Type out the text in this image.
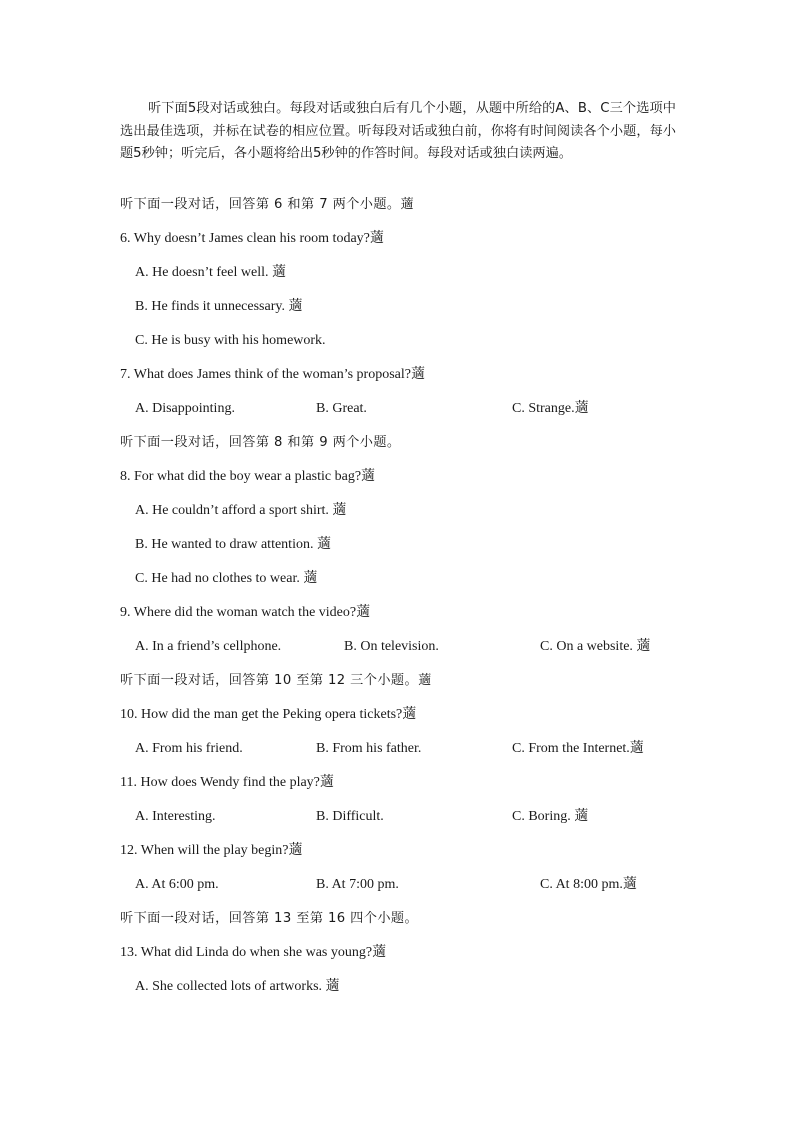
听下面5段对话或独白。每段对话或独白后有几个小题，从题中所给的A、B、C三个选项中选出最佳选项，并标在试卷的相应位置。听每段对话或独白前，你将有时间阅读各个小题，每小题5秒钟；听完后，各小题将给出5秒钟的作答时间。每段对话或独白读两遍。
听下面一段对话，回答第 6 和第 7 两个小题。藡
6. Why doesn’t James clean his room today?藡
A. He doesn’t feel well. 藡
B. He finds it unnecessary. 藡
C. He is busy with his homework.
7. What does James think of the woman’s proposal?藡
A. Disappointing.	B. Great.	C. Strange.藡
听下面一段对话，回答第 8 和第 9 两个小题。
8. For what did the boy wear a plastic bag?藡
A. He couldn’t afford a sport shirt. 藡
B. He wanted to draw attention. 藡
C. He had no clothes to wear. 藡
9. Where did the woman watch the video?藡
A. In a friend’s cellphone.	B. On television.	C. On a website. 藡
听下面一段对话，回答第 10 至第 12 三个小题。藡
10. How did the man get the Peking opera tickets?藡
A. From his friend.	B. From his father.	C. From the Internet.藡
11. How does Wendy find the play?藡
A. Interesting.	B. Difficult.	C. Boring. 藡
12. When will the play begin?藡
A. At 6:00 pm.	B. At 7:00 pm.	C. At 8:00 pm.藡
听下面一段对话，回答第 13 至第 16 四个小题。
13. What did Linda do when she was young?藡
A. She collected lots of artworks. 藡
